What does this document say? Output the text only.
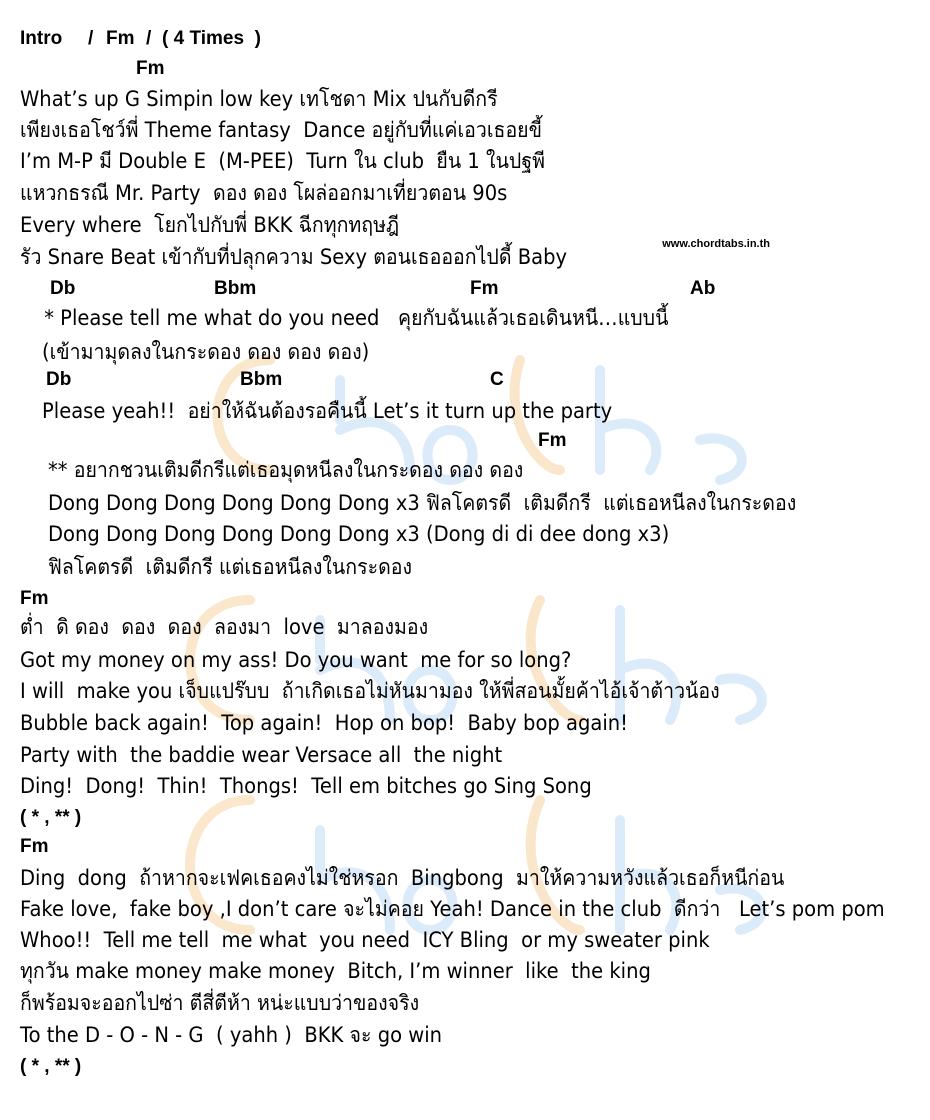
www.chordtabs.in.th
Intro / Fm / ( 4 Times  )
Fm
What’s up G Simpin low key เทโชดา Mix ปนกับดีกรี
เพียงเธอโชว์พี่ Theme fantasy  Dance อยู่กับที่แค่เอวเธอยขี้
I’m M-P มี Double E  (M-PEE)  Turn ใน club  ยืน 1 ในปฐพี
แหวกธรณี Mr. Party  ดอง ดอง โผล่ออกมาเที่ยวตอน 90s
Every where  โยกไปกับพี่ BKK ฉีกทุกทฤษฎี
รัว Snare Beat เข้ากับที่ปลุกความ Sexy ตอนเธอออกไปดี้ Baby
Db	Bbm	Fm	Ab
* Please tell me what do you need   คุยกับฉันแล้วเธอเดินหนี…แบบนี้
(เข้ามามุดลงในกระดอง ดอง ดอง ดอง)
Db	Bbm	C
Please yeah!!  อย่าให้ฉันต้องรอคืนนี้ Let’s it turn up the party
Fm
** อยากชวนเติมดีกรีแต่เธอมุดหนีลงในกระดอง ดอง ดอง
Dong Dong Dong Dong Dong Dong x3 ฟิลโคตรดี  เติมดีกรี  แต่เธอหนีลงในกระดอง
Dong Dong Dong Dong Dong Dong x3 (Dong di di dee dong x3)
ฟิลโคตรดี  เติมดีกรี แต่เธอหนีลงในกระดอง
Fm
ต่ำ  ดิ ดอง  ดอง  ดอง  ลองมา  love  มาลองมอง
Got my money on my ass! Do you want  me for so long?
I will  make you เจ็บแปร๊บบ  ถ้าเกิดเธอไม่หันมามอง ให้พี่สอนมั้ยค้าไอ้เจ้าต้าวน้อง
Bubble back again!  Top again!  Hop on bop!  Baby bop again!
Party with  the baddie wear Versace all  the night
Ding!  Dong!  Thin!  Thongs!  Tell em bitches go Sing Song
( * , ** )
Fm
Ding  dong  ถ้าหากจะเฟคเธอคงไม่ใช่หรอก  Bingbong  มาให้ความหวังแล้วเธอก็หนีก่อน
Fake love,  fake boy ,I don’t care จะไม่คอย Yeah! Dance in the club  ดีกว่า   Let’s pom pom
Whoo!!  Tell me tell  me what  you need  ICY Bling  or my sweater pink
ทุกวัน make money make money  Bitch, I’m winner  like  the king
ก็พร้อมจะออกไปซ่า ตีสี่ตีห้า หน่ะแบบว่าของจริง
To the D - O - N - G  ( yahh )  BKK จะ go win
( * , ** )
